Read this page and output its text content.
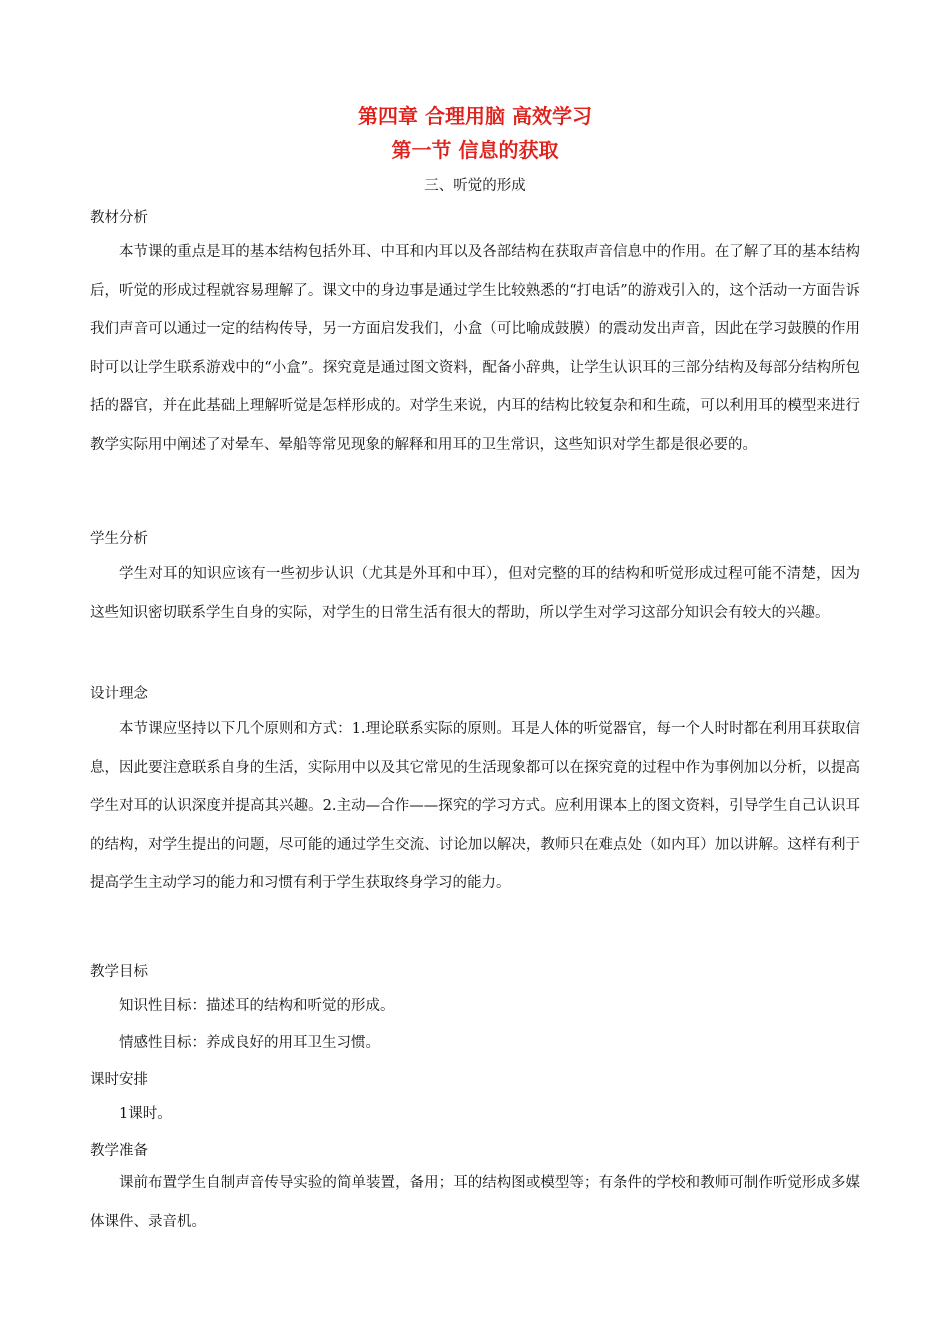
第四章 合理用脑 高效学习
第一节 信息的获取
三、听觉的形成
教材分析
本节课的重点是耳的基本结构包括外耳、中耳和内耳以及各部结构在获取声音信息中的作用。在了解了耳的基本结构后，听觉的形成过程就容易理解了。课文中的身边事是通过学生比较熟悉的“打电话”的游戏引入的，这个活动一方面告诉我们声音可以通过一定的结构传导，另一方面启发我们，小盒（可比喻成鼓膜）的震动发出声音，因此在学习鼓膜的作用时可以让学生联系游戏中的“小盒”。探究竟是通过图文资料，配备小辞典，让学生认识耳的三部分结构及每部分结构所包括的器官，并在此基础上理解听觉是怎样形成的。对学生来说，内耳的结构比较复杂和和生疏，可以利用耳的模型来进行教学实际用中阐述了对晕车、晕船等常见现象的解释和用耳的卫生常识，这些知识对学生都是很必要的。
学生分析
学生对耳的知识应该有一些初步认识（尤其是外耳和中耳），但对完整的耳的结构和听觉形成过程可能不清楚，因为这些知识密切联系学生自身的实际，对学生的日常生活有很大的帮助，所以学生对学习这部分知识会有较大的兴趣。
设计理念
本节课应坚持以下几个原则和方式：1.理论联系实际的原则。耳是人体的听觉器官，每一个人时时都在利用耳获取信息，因此要注意联系自身的生活，实际用中以及其它常见的生活现象都可以在探究竟的过程中作为事例加以分析，以提高学生对耳的认识深度并提高其兴趣。2.主动—合作——探究的学习方式。应利用课本上的图文资料，引导学生自己认识耳的结构，对学生提出的问题，尽可能的通过学生交流、讨论加以解决，教师只在难点处（如内耳）加以讲解。这样有利于提高学生主动学习的能力和习惯有利于学生获取终身学习的能力。
教学目标
知识性目标：描述耳的结构和听觉的形成。
情感性目标：养成良好的用耳卫生习惯。
课时安排
1课时。
教学准备
课前布置学生自制声音传导实验的简单装置，备用；耳的结构图或模型等；有条件的学校和教师可制作听觉形成多媒体课件、录音机。
